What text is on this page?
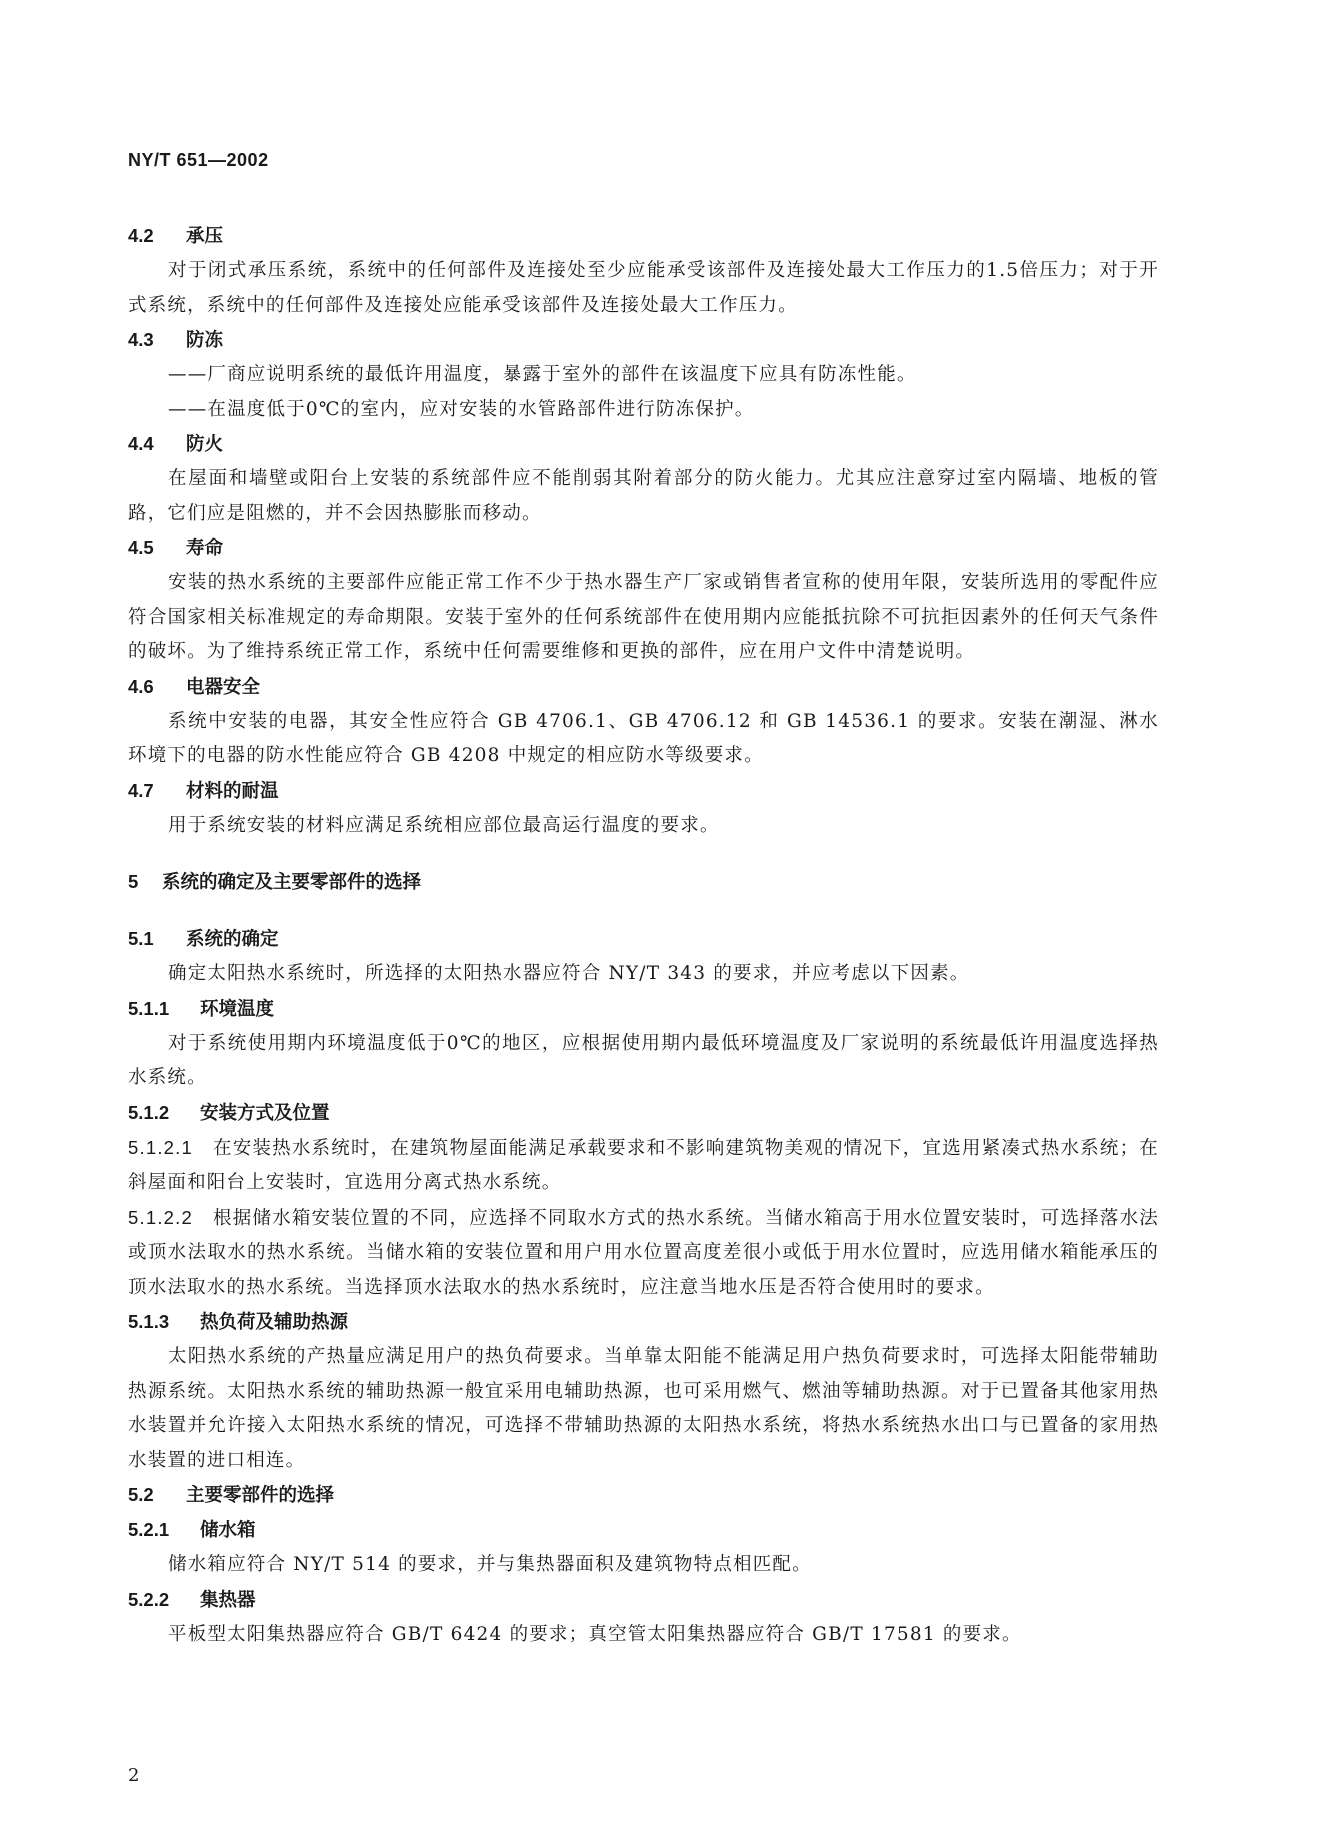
NY/T 651—2002
4.2 承压

对于闭式承压系统，系统中的任何部件及连接处至少应能承受该部件及连接处最大工作压力的1.5倍压力；对于开式系统，系统中的任何部件及连接处应能承受该部件及连接处最大工作压力。

4.3 防冻

——厂商应说明系统的最低许用温度，暴露于室外的部件在该温度下应具有防冻性能。

——在温度低于0℃的室内，应对安装的水管路部件进行防冻保护。

4.4 防火

在屋面和墙壁或阳台上安装的系统部件应不能削弱其附着部分的防火能力。尤其应注意穿过室内隔墙、地板的管路，它们应是阻燃的，并不会因热膨胀而移动。

4.5 寿命

安装的热水系统的主要部件应能正常工作不少于热水器生产厂家或销售者宣称的使用年限，安装所选用的零配件应符合国家相关标准规定的寿命期限。安装于室外的任何系统部件在使用期内应能抵抗除不可抗拒因素外的任何天气条件的破坏。为了维持系统正常工作，系统中任何需要维修和更换的部件，应在用户文件中清楚说明。

4.6 电器安全

系统中安装的电器，其安全性应符合 GB 4706.1、GB 4706.12 和 GB 14536.1 的要求。安装在潮湿、淋水环境下的电器的防水性能应符合 GB 4208 中规定的相应防水等级要求。

4.7 材料的耐温

用于系统安装的材料应满足系统相应部位最高运行温度的要求。

5 系统的确定及主要零部件的选择
5.1 系统的确定

确定太阳热水系统时，所选择的太阳热水器应符合 NY/T 343 的要求，并应考虑以下因素。

5.1.1 环境温度

对于系统使用期内环境温度低于0℃的地区，应根据使用期内最低环境温度及厂家说明的系统最低许用温度选择热水系统。

5.1.2 安装方式及位置

5.1.2.1 在安装热水系统时，在建筑物屋面能满足承载要求和不影响建筑物美观的情况下，宜选用紧凑式热水系统；在斜屋面和阳台上安装时，宜选用分离式热水系统。

5.1.2.2 根据储水箱安装位置的不同，应选择不同取水方式的热水系统。当储水箱高于用水位置安装时，可选择落水法或顶水法取水的热水系统。当储水箱的安装位置和用户用水位置高度差很小或低于用水位置时，应选用储水箱能承压的顶水法取水的热水系统。当选择顶水法取水的热水系统时，应注意当地水压是否符合使用时的要求。

5.1.3 热负荷及辅助热源

太阳热水系统的产热量应满足用户的热负荷要求。当单靠太阳能不能满足用户热负荷要求时，可选择太阳能带辅助热源系统。太阳热水系统的辅助热源一般宜采用电辅助热源，也可采用燃气、燃油等辅助热源。对于已置备其他家用热水装置并允许接入太阳热水系统的情况，可选择不带辅助热源的太阳热水系统，将热水系统热水出口与已置备的家用热水装置的进口相连。

5.2 主要零部件的选择
5.2.1 储水箱

储水箱应符合 NY/T 514 的要求，并与集热器面积及建筑物特点相匹配。

5.2.2 集热器

平板型太阳集热器应符合 GB/T 6424 的要求；真空管太阳集热器应符合 GB/T 17581 的要求。

2
